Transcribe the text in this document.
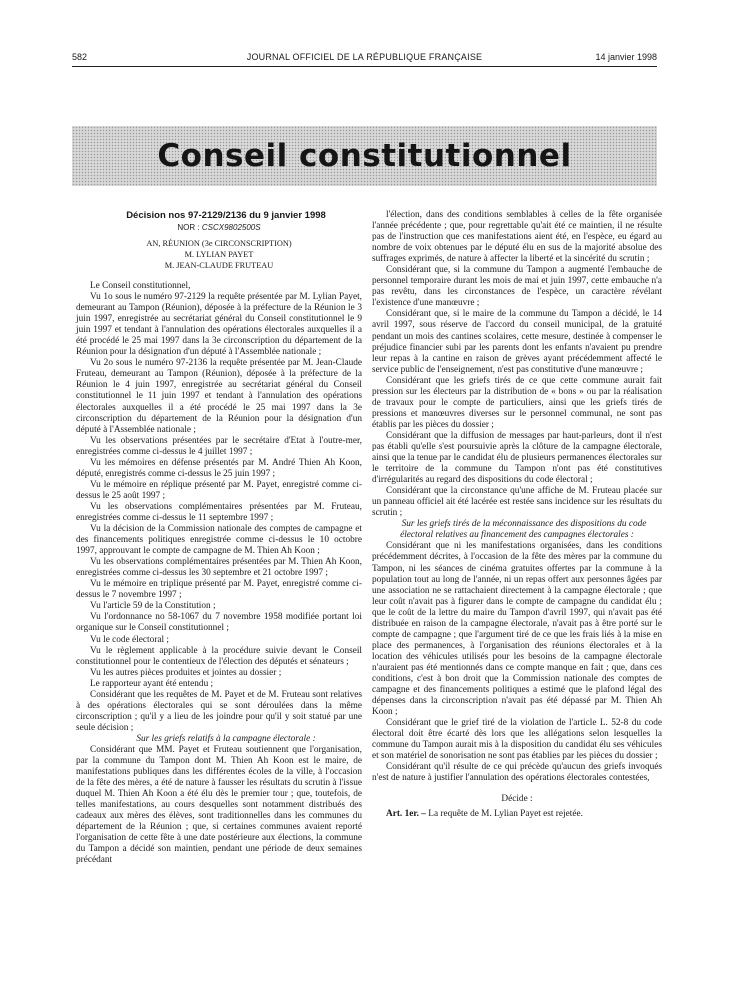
582	JOURNAL OFFICIEL DE LA RÉPUBLIQUE FRANÇAISE	14 janvier 1998
Conseil constitutionnel

Décision nos 97-2129/2136 du 9 janvier 1998

NOR : CSCX9802500S
AN, RÉUNION (3e CIRCONSCRIPTION)
M. LYLIAN PAYET
M. JEAN-CLAUDE FRUTEAU

Le Conseil constitutionnel,

Vu 1o sous le numéro 97-2129 la requête présentée par M. Lylian Payet, demeurant au Tampon (Réunion), déposée à la préfecture de la Réunion le 3 juin 1997, enregistrée au secrétariat général du Conseil constitutionnel le 9 juin 1997 et tendant à l'annulation des opérations électorales auxquelles il a été procédé le 25 mai 1997 dans la 3e circonscription du département de la Réunion pour la désignation d'un député à l'Assemblée nationale ;

Vu 2o sous le numéro 97-2136 la requête présentée par M. Jean-Claude Fruteau, demeurant au Tampon (Réunion), déposée à la préfecture de la Réunion le 4 juin 1997, enregistrée au secrétariat général du Conseil constitutionnel le 11 juin 1997 et tendant à l'annulation des opérations électorales auxquelles il a été procédé le 25 mai 1997 dans la 3e circonscription du département de la Réunion pour la désignation d'un député à l'Assemblée nationale ;

Vu les observations présentées par le secrétaire d'Etat à l'outre-mer, enregistrées comme ci-dessus le 4 juillet 1997 ;

Vu les mémoires en défense présentés par M. André Thien Ah Koon, député, enregistrés comme ci-dessus le 25 juin 1997 ;

Vu le mémoire en réplique présenté par M. Payet, enregistré comme ci-dessus le 25 août 1997 ;

Vu les observations complémentaires présentées par M. Fruteau, enregistrées comme ci-dessus le 11 septembre 1997 ;

Vu la décision de la Commission nationale des comptes de campagne et des financements politiques enregistrée comme ci-dessus le 10 octobre 1997, approuvant le compte de campagne de M. Thien Ah Koon ;

Vu les observations complémentaires présentées par M. Thien Ah Koon, enregistrées comme ci-dessus les 30 septembre et 21 octobre 1997 ;

Vu le mémoire en triplique présenté par M. Payet, enregistré comme ci-dessus le 7 novembre 1997 ;

Vu l'article 59 de la Constitution ;

Vu l'ordonnance no 58-1067 du 7 novembre 1958 modifiée portant loi organique sur le Conseil constitutionnel ;

Vu le code électoral ;

Vu le règlement applicable à la procédure suivie devant le Conseil constitutionnel pour le contentieux de l'élection des députés et sénateurs ;

Vu les autres pièces produites et jointes au dossier ;

Le rapporteur ayant été entendu ;

Considérant que les requêtes de M. Payet et de M. Fruteau sont relatives à des opérations électorales qui se sont déroulées dans la même circonscription ; qu'il y a lieu de les joindre pour qu'il y soit statué par une seule décision ;

Sur les griefs relatifs à la campagne électorale :

Considérant que MM. Payet et Fruteau soutiennent que l'organisation, par la commune du Tampon dont M. Thien Ah Koon est le maire, de manifestations publiques dans les différentes écoles de la ville, à l'occasion de la fête des mères, a été de nature à fausser les résultats du scrutin à l'issue duquel M. Thien Ah Koon a été élu dès le premier tour ; que, toutefois, de telles manifestations, au cours desquelles sont notamment distribués des cadeaux aux mères des élèves, sont traditionnelles dans les communes du département de la Réunion ; que, si certaines communes avaient reporté l'organisation de cette fête à une date postérieure aux élections, la commune du Tampon a décidé son maintien, pendant une période de deux semaines précédant

l'élection, dans des conditions semblables à celles de la fête organisée l'année précédente ; que, pour regrettable qu'ait été ce maintien, il ne résulte pas de l'instruction que ces manifestations aient été, en l'espèce, eu égard au nombre de voix obtenues par le député élu en sus de la majorité absolue des suffrages exprimés, de nature à affecter la liberté et la sincérité du scrutin ;

Considérant que, si la commune du Tampon a augmenté l'embauche de personnel temporaire durant les mois de mai et juin 1997, cette embauche n'a pas revêtu, dans les circonstances de l'espèce, un caractère révélant l'existence d'une manœuvre ;

Considérant que, si le maire de la commune du Tampon a décidé, le 14 avril 1997, sous réserve de l'accord du conseil municipal, de la gratuité pendant un mois des cantines scolaires, cette mesure, destinée à compenser le préjudice financier subi par les parents dont les enfants n'avaient pu prendre leur repas à la cantine en raison de grèves ayant précédemment affecté le service public de l'enseignement, n'est pas constitutive d'une manœuvre ;

Considérant que les griefs tirés de ce que cette commune aurait fait pression sur les électeurs par la distribution de « bons » ou par la réalisation de travaux pour le compte de particuliers, ainsi que les griefs tirés de pressions et manœuvres diverses sur le personnel communal, ne sont pas établis par les pièces du dossier ;

Considérant que la diffusion de messages par haut-parleurs, dont il n'est pas établi qu'elle s'est poursuivie après la clôture de la campagne électorale, ainsi que la tenue par le candidat élu de plusieurs permanences électorales sur le territoire de la commune du Tampon n'ont pas été constitutives d'irrégularités au regard des dispositions du code électoral ;

Considérant que la circonstance qu'une affiche de M. Fruteau placée sur un panneau officiel ait été lacérée est restée sans incidence sur les résultats du scrutin ;

Sur les griefs tirés de la méconnaissance des dispositions du code électoral relatives au financement des campagnes électorales :

Considérant que ni les manifestations organisées, dans les conditions précédemment décrites, à l'occasion de la fête des mères par la commune du Tampon, ni les séances de cinéma gratuites offertes par la commune à la population tout au long de l'année, ni un repas offert aux personnes âgées par une association ne se rattachaient directement à la campagne électorale ; que leur coût n'avait pas à figurer dans le compte de campagne du candidat élu ; que le coût de la lettre du maire du Tampon d'avril 1997, qui n'avait pas été distribuée en raison de la campagne électorale, n'avait pas à être porté sur le compte de campagne ; que l'argument tiré de ce que les frais liés à la mise en place des permanences, à l'organisation des réunions électorales et à la location des véhicules utilisés pour les besoins de la campagne électorale n'auraient pas été mentionnés dans ce compte manque en fait ; que, dans ces conditions, c'est à bon droit que la Commission nationale des comptes de campagne et des financements politiques a estimé que le plafond légal des dépenses dans la circonscription n'avait pas été dépassé par M. Thien Ah Koon ;

Considérant que le grief tiré de la violation de l'article L. 52-8 du code électoral doit être écarté dès lors que les allégations selon lesquelles la commune du Tampon aurait mis à la disposition du candidat élu ses véhicules et son matériel de sonorisation ne sont pas établies par les pièces du dossier ;

Considérant qu'il résulte de ce qui précède qu'aucun des griefs invoqués n'est de nature à justifier l'annulation des opérations électorales contestées,

Décide :

Art. 1er. – La requête de M. Lylian Payet est rejetée.
